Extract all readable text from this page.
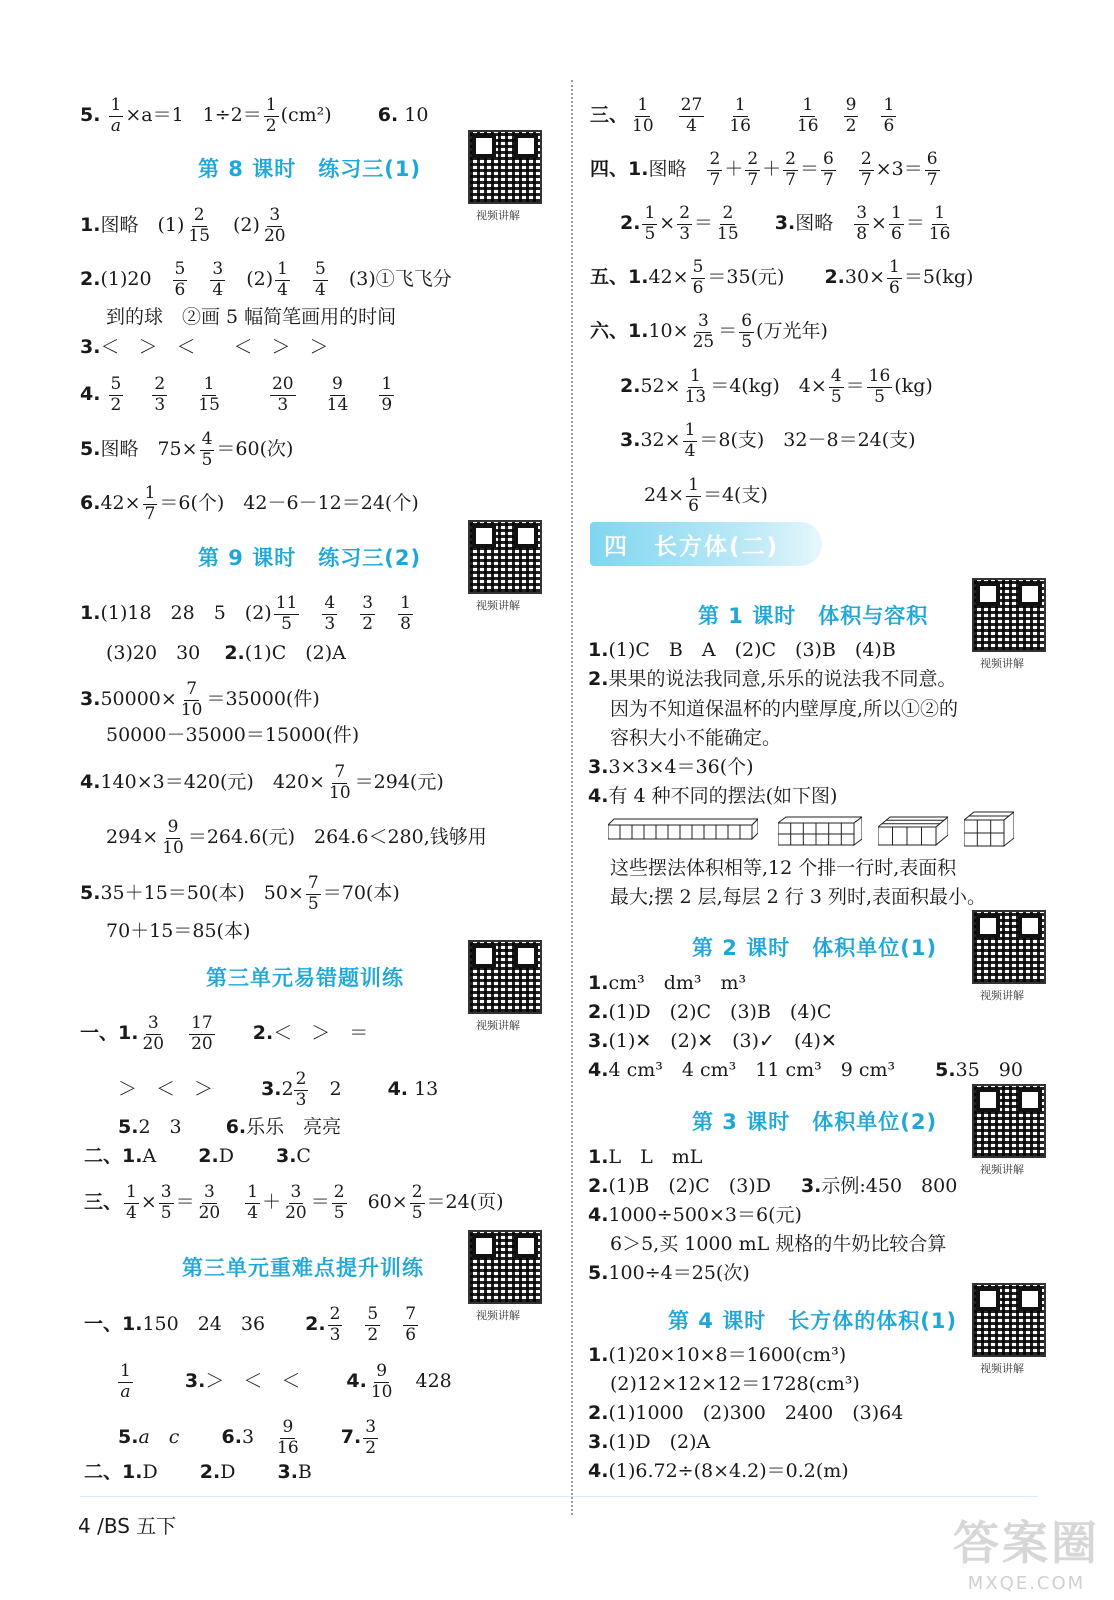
5. $\frac{1}{a} \times a=1$　$1\div 2= \frac{1}{2} (cm^2)$ 6. 10
第 8 课时　练习三(1)
视频讲解
1.图略　$(1) \frac{2}{15}$ 　$(2) \frac{3}{20}$
2.(1)20　 $\frac{5}{6}$
　 $\frac{3}{4}$ 　$(2) \frac{1}{4}$
　 $\frac{5}{4}$ 　(3)①飞飞分
到的球　②画 5 幅简笔画用的时间
3.＜　＞　＜　　＜　＞　＞
4. $\frac{5}{2}$
　 $\frac{2}{3}$
　 $\frac{1}{15}$
　　	$\frac{20}{3}$
　 $\frac{9}{14}$
　 $\frac{1}{9}$
5.图略　$75\times \frac{4}{5} =60$(次)
$6.42\times \frac{1}{7} =6$(个)　42－6－12＝24(个)
第 9 课时　练习三(2)
视频讲解
1.(1)18　28　5　$(2) \frac{11}{5}$
　 $\frac{4}{3}$
　 $\frac{3}{2}$
　 $\frac{1}{8}$
(3)20　30 2.(1)C　(2)A
$3.50000\times \frac{7}{10} =35000$(件)
50000－35000＝15000(件)
4.140×3＝420(元)　$420\times \frac{7}{10} =294$(元)
$294\times \frac{9}{10} =264.6$(元)　264.6＜280,钱够用
5.35＋15＝50(本)　$50\times \frac{7}{5} =70$(本)
70＋15＝85(本)
第三单元易错题训练
视频讲解
一、1. $\frac{3}{20}$
　 $\frac{17}{20} 2.<$　＞　＝
＞　＜　＞	$3.2 \frac{2}{3}$ 　2 4. 13
5.2　3 6.乐乐　亮亮
二、1.A 2.D 3.C
三、 $\frac{1}{4} \times \frac{3}{5} = \frac{3}{20}$
　 $\frac{1}{4} + \frac{3}{20} = \frac{2}{5}$ 　$60\times \frac{2}{5} =24$(页)
第三单元重难点提升训练
视频讲解
一、1.150　24　36 2. $\frac{2}{3}$
　 $\frac{5}{2}$
　 $\frac{7}{6}$
$\frac{1}{a}$	3.＞　＜　＜ 4. $\frac{9}{10}$ 　428
5.a　c 6.3　 $\frac{9}{16} 7$. $\frac{3}{2}$
二、1.D 2.D 3.B
三、 $\frac{1}{10}$
　 $\frac{27}{4}$
　 $\frac{1}{16}$
　　 $\frac{1}{16}$
　 $\frac{9}{2}$
　 $\frac{1}{6}$
四、1.图略　 $\frac{2}{7} + \frac{2}{7} + \frac{2}{7} = \frac{6}{7}$
　 $\frac{2}{7} \times 3= \frac{6}{7}$
2. $\frac{1}{5} \times \frac{2}{3} = \frac{2}{15} 3$.图略　 $\frac{3}{8} \times \frac{1}{6} = \frac{1}{16}$
五、$1.42\times \frac{5}{6} =35$(元) $2.30\times \frac{1}{6} =5(kg)$
六、$1.10\times \frac{3}{25} = \frac{6}{5}$ (万光年)
$2.52\times \frac{1}{13} =4(kg)$　$4\times \frac{4}{5} = \frac{16}{5} (kg)$
$3.32\times \frac{1}{4} =8$(支)　32－8＝24(支)
$24\times \frac{1}{6} =4$(支)
四　长方体(二)
第 1 课时　体积与容积
视频讲解
1.(1)C　B　A　(2)C　(3)B　(4)B
2.果果的说法我同意,乐乐的说法我不同意。
因为不知道保温杯的内壁厚度,所以①②的
容积大小不能确定。
3.3×3×4＝36(个)
4.有 4 种不同的摆法(如下图)
这些摆法体积相等,12 个排一行时,表面积
最大;摆 2 层,每层 2 行 3 列时,表面积最小。
第 2 课时　体积单位(1)
视频讲解
1.cm³　dm³　m³
2.(1)D　(2)C　(3)B　(4)C
3.(1)✕　(2)✕　(3)✓　(4)✕
4.4 cm³　4 cm³　11 cm³　9 cm³ 5.35　90
第 3 课时　体积单位(2)
视频讲解
1.L　L　mL
2.(1)B　(2)C　(3)D 3.示例:450　800
4.1000÷500×3＝6(元)
6＞5,买 1000 mL 规格的牛奶比较合算
5.100÷4＝25(次)
第 4 课时　长方体的体积(1)
视频讲解
1.(1)20×10×8＝1600(cm³)
(2)12×12×12＝1728(cm³)
2.(1)1000　(2)300　2400　(3)64
3.(1)D　(2)A
4.(1)6.72÷(8×4.2)＝0.2(m)
4 /BS 五下	答案圈
MXQE.COM
